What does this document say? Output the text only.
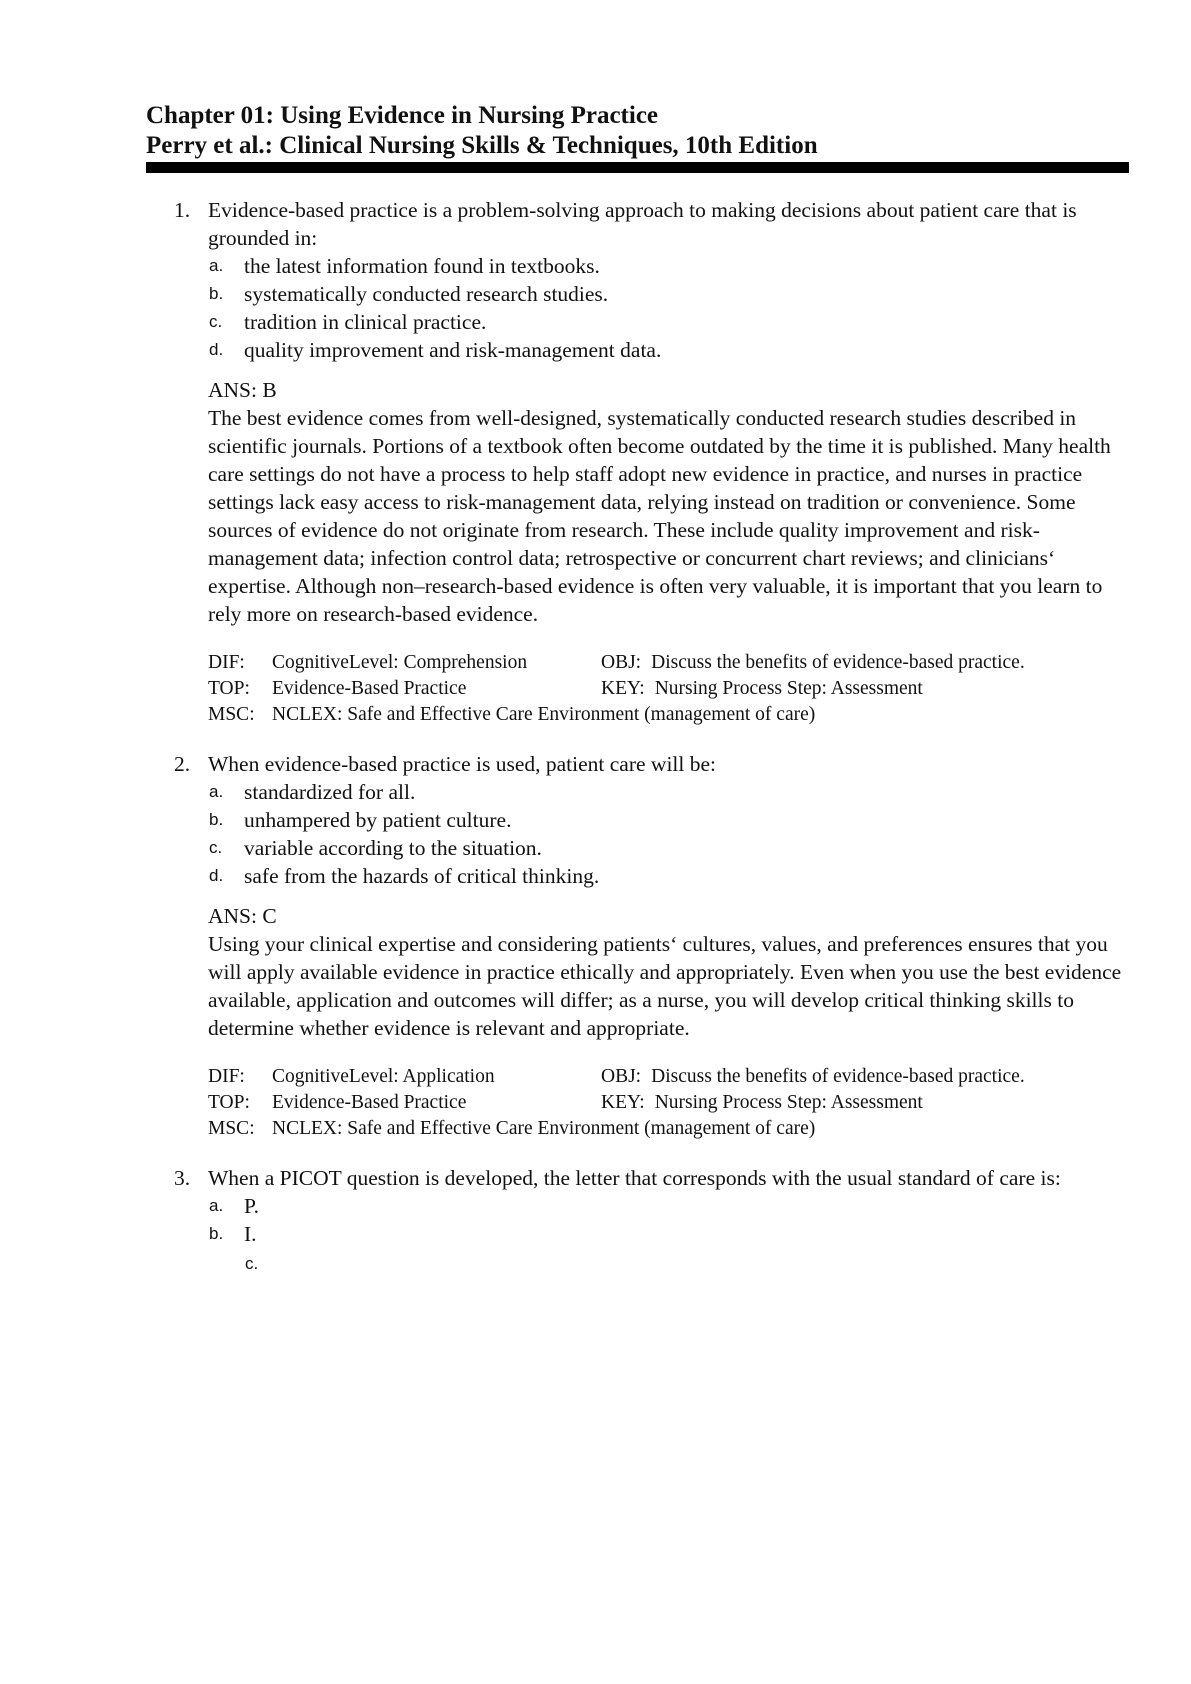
Chapter 01: Using Evidence in Nursing Practice
Perry et al.: Clinical Nursing Skills & Techniques, 10th Edition
1. Evidence-based practice is a problem-solving approach to making decisions about patient care that is grounded in:
a. the latest information found in textbooks.
b. systematically conducted research studies.
c. tradition in clinical practice.
d. quality improvement and risk-management data.
ANS: B
The best evidence comes from well-designed, systematically conducted research studies described in scientific journals. Portions of a textbook often become outdated by the time it is published. Many health care settings do not have a process to help staff adopt new evidence in practice, and nurses in practice settings lack easy access to risk-management data, relying instead on tradition or convenience. Some sources of evidence do not originate from research. These include quality improvement and risk-management data; infection control data; retrospective or concurrent chart reviews; and clinicians‘ expertise. Although non–research-based evidence is often very valuable, it is important that you learn to rely more on research-based evidence.
DIF:	CognitiveLevel: Comprehension	OBJ: Discuss the benefits of evidence-based practice.
TOP:	Evidence-Based Practice	KEY: Nursing Process Step: Assessment
MSC: NCLEX: Safe and Effective Care Environment (management of care)
2. When evidence-based practice is used, patient care will be:
a. standardized for all.
b. unhampered by patient culture.
c. variable according to the situation.
d. safe from the hazards of critical thinking.
ANS: C
Using your clinical expertise and considering patients‘ cultures, values, and preferences ensures that you will apply available evidence in practice ethically and appropriately. Even when you use the best evidence available, application and outcomes will differ; as a nurse, you will develop critical thinking skills to determine whether evidence is relevant and appropriate.
DIF:	CognitiveLevel: Application	OBJ: Discuss the benefits of evidence-based practice.
TOP:	Evidence-Based Practice	KEY: Nursing Process Step: Assessment
MSC: NCLEX: Safe and Effective Care Environment (management of care)
3. When a PICOT question is developed, the letter that corresponds with the usual standard of care is:
a. P.
b. I.
c.
